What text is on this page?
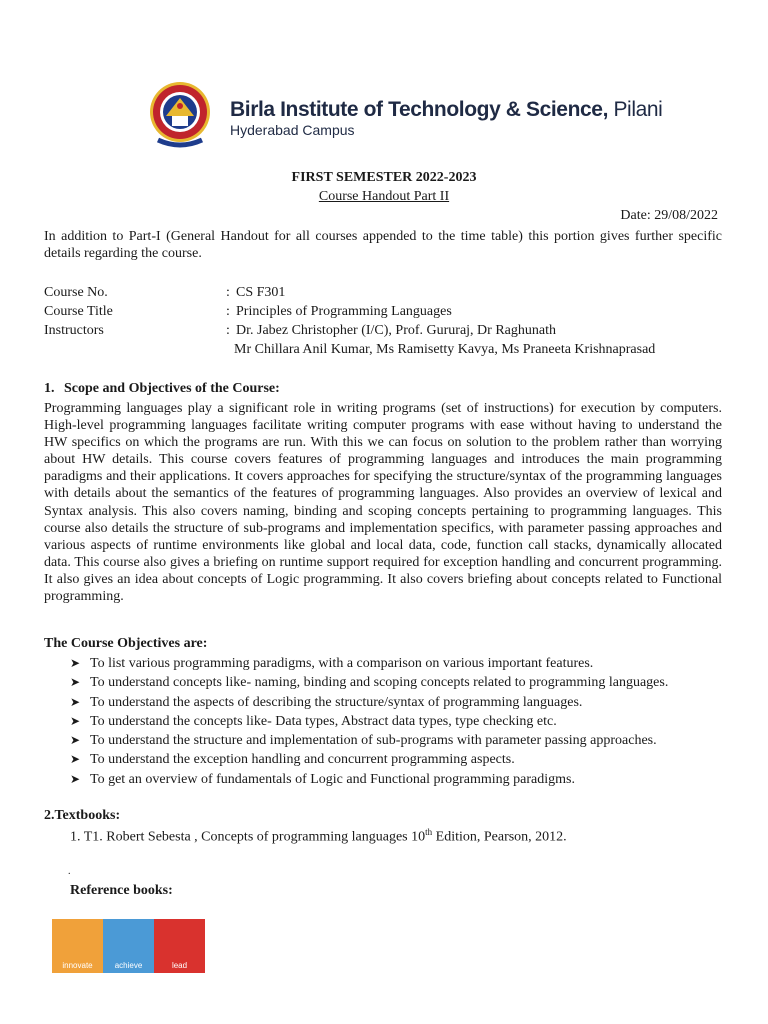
Birla Institute of Technology & Science, Pilani
Hyderabad Campus
FIRST SEMESTER 2022-2023
Course Handout Part II
Date: 29/08/2022
In addition to Part-I (General Handout for all courses appended to the time table) this portion gives further specific details regarding the course.
Course No.	: CS F301
Course Title	: Principles of Programming Languages
Instructors	: Dr. Jabez Christopher (I/C), Prof. Gururaj, Dr Raghunath
Mr Chillara Anil Kumar, Ms Ramisetty Kavya, Ms Praneeta Krishnaprasad
1. Scope and Objectives of the Course:
Programming languages play a significant role in writing programs (set of instructions) for execution by computers. High-level programming languages facilitate writing computer programs with ease without having to understand the HW specifics on which the programs are run. With this we can focus on solution to the problem rather than worrying about HW details. This course covers features of programming languages and introduces the main programming paradigms and their applications. It covers approaches for specifying the structure/syntax of the programming languages with details about the semantics of the features of programming languages. Also provides an overview of lexical and Syntax analysis. This also covers naming, binding and scoping concepts pertaining to programming languages. This course also details the structure of sub-programs and implementation specifics, with parameter passing approaches and various aspects of runtime environments like global and local data, code, function call stacks, dynamically allocated data. This course also gives a briefing on runtime support required for exception handling and concurrent programming. It also gives an idea about concepts of Logic programming. It also covers briefing about concepts related to Functional programming.
The Course Objectives are:
➤ To list various programming paradigms, with a comparison on various important features.
➤ To understand concepts like- naming, binding and scoping concepts related to programming languages.
➤ To understand the aspects of describing the structure/syntax of programming languages.
➤ To understand the concepts like- Data types, Abstract data types, type checking etc.
➤ To understand the structure and implementation of sub-programs with parameter passing approaches.
➤ To understand the exception handling and concurrent programming aspects.
➤ To get an overview of fundamentals of Logic and Functional programming paradigms.
2.Textbooks:
1. T1. Robert Sebesta , Concepts of programming languages 10th Edition, Pearson, 2012.
.
Reference books:
innovate	achieve	lead
